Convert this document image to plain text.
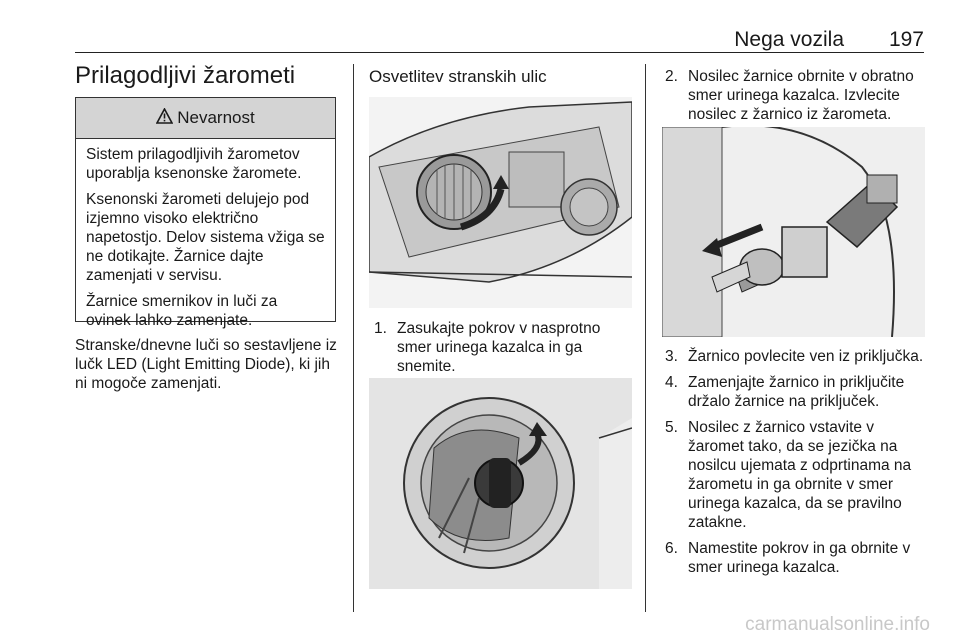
Nega vozila 197
Prilagodljivi žarometi
Nevarnost

Sistem prilagodljivih žarometov uporablja ksenonske žaromete.

Ksenonski žarometi delujejo pod izjemno visoko električno napetostjo. Delov sistema vžiga se ne dotikajte. Žarnice dajte zamenjati v servisu.

Žarnice smernikov in luči za ovinek lahko zamenjate.

Stranske/dnevne luči so sestavljene iz lučk LED (Light Emitting Diode), ki jih ni mogoče zamenjati.

Osvetlitev stranskih ulic
1. Zasukajte pokrov v nasprotno smer urinega kazalca in ga snemite.
2. Nosilec žarnice obrnite v obratno smer urinega kazalca. Izvlecite nosilec z žarnico iz žarometa.
3. Žarnico povlecite ven iz priključka.
4. Zamenjajte žarnico in priključite držalo žarnice na priključek.
5. Nosilec z žarnico vstavite v žaromet tako, da se jezička na nosilcu ujemata z odprtinama na žarometu in ga obrnite v smer urinega kazalca, da se pravilno zatakne.
6. Namestite pokrov in ga obrnite v smer urinega kazalca.
carmanualsonline.info
